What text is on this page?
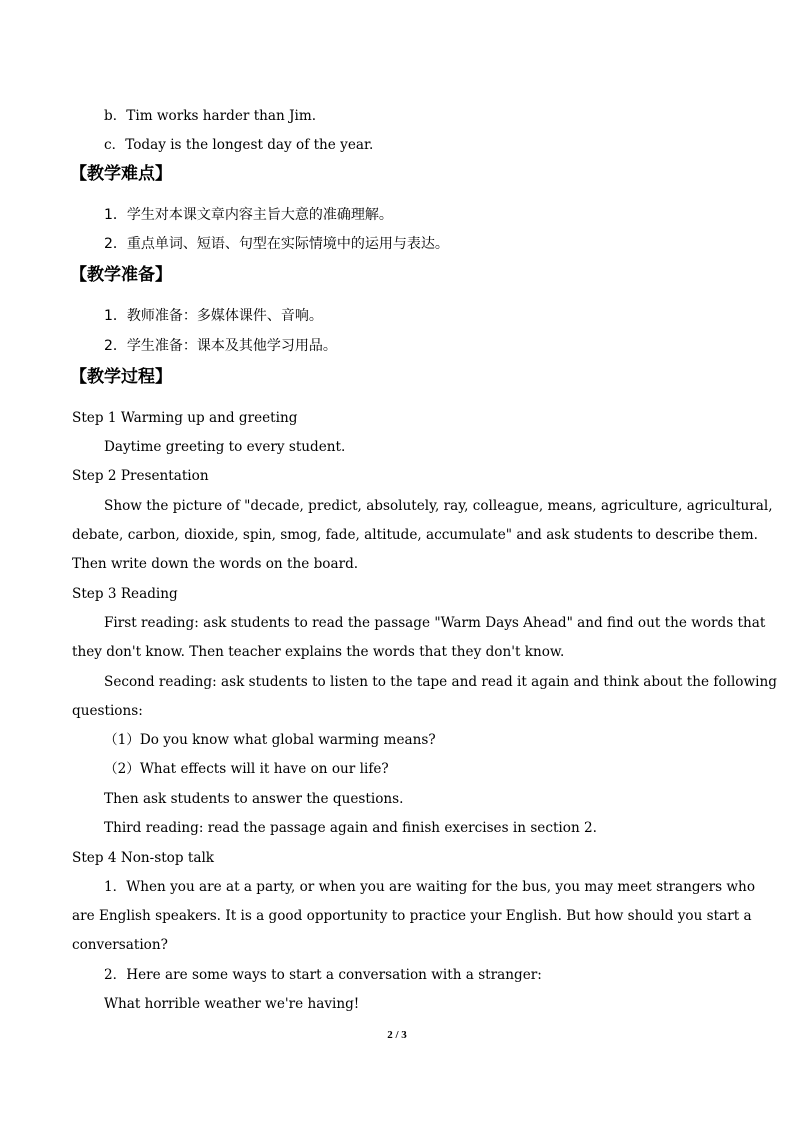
b．Tim works harder than Jim.
c．Today is the longest day of the year.
【教学难点】
1．学生对本课文章内容主旨大意的准确理解。
2．重点单词、短语、句型在实际情境中的运用与表达。
【教学准备】
1．教师准备：多媒体课件、音响。
2．学生准备：课本及其他学习用品。
【教学过程】
Step 1 Warming up and greeting
Daytime greeting to every student.
Step 2 Presentation
Show the picture of "decade, predict, absolutely, ray, colleague, means, agriculture, agricultural,
debate, carbon, dioxide, spin, smog, fade, altitude, accumulate" and ask students to describe them.
Then write down the words on the board.
Step 3 Reading
First reading: ask students to read the passage "Warm Days Ahead" and find out the words that
they don't know. Then teacher explains the words that they don't know.
Second reading: ask students to listen to the tape and read it again and think about the following
questions:
（1）Do you know what global warming means?
（2）What effects will it have on our life?
Then ask students to answer the questions.
Third reading: read the passage again and finish exercises in section 2.
Step 4 Non-stop talk
1．When you are at a party, or when you are waiting for the bus, you may meet strangers who
are English speakers. It is a good opportunity to practice your English. But how should you start a
conversation?
2．Here are some ways to start a conversation with a stranger:
What horrible weather we're having!
2 / 3
